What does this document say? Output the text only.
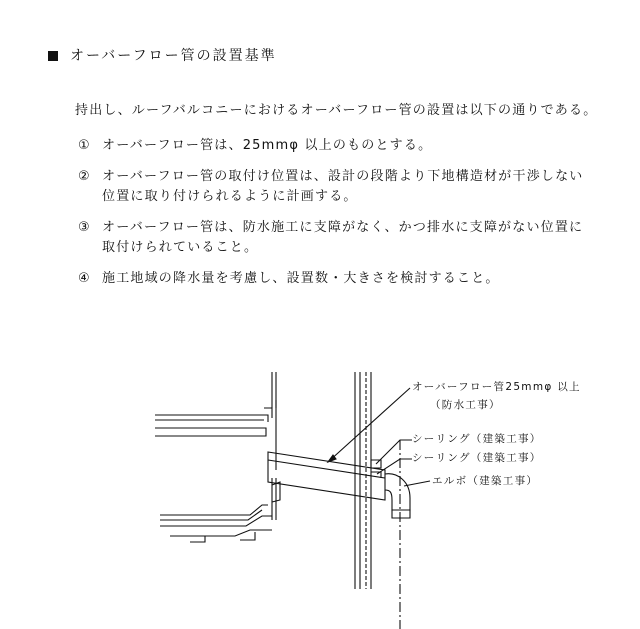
オーバーフロー管の設置基準
持出し、ルーフバルコニーにおけるオーバーフロー管の設置は以下の通りである。
① オーバーフロー管は、25mmφ 以上のものとする。
② オーバーフロー管の取付け位置は、設計の段階より下地構造材が干渉しない
位置に取り付けられるように計画する。
③ オーバーフロー管は、防水施工に支障がなく、かつ排水に支障がない位置に
取付けられていること。
④ 施工地域の降水量を考慮し、設置数・大きさを検討すること。
オーバーフロー管25mmφ 以上
（防水工事）
シーリング（建築工事）
シーリング（建築工事）
エルボ（建築工事）
